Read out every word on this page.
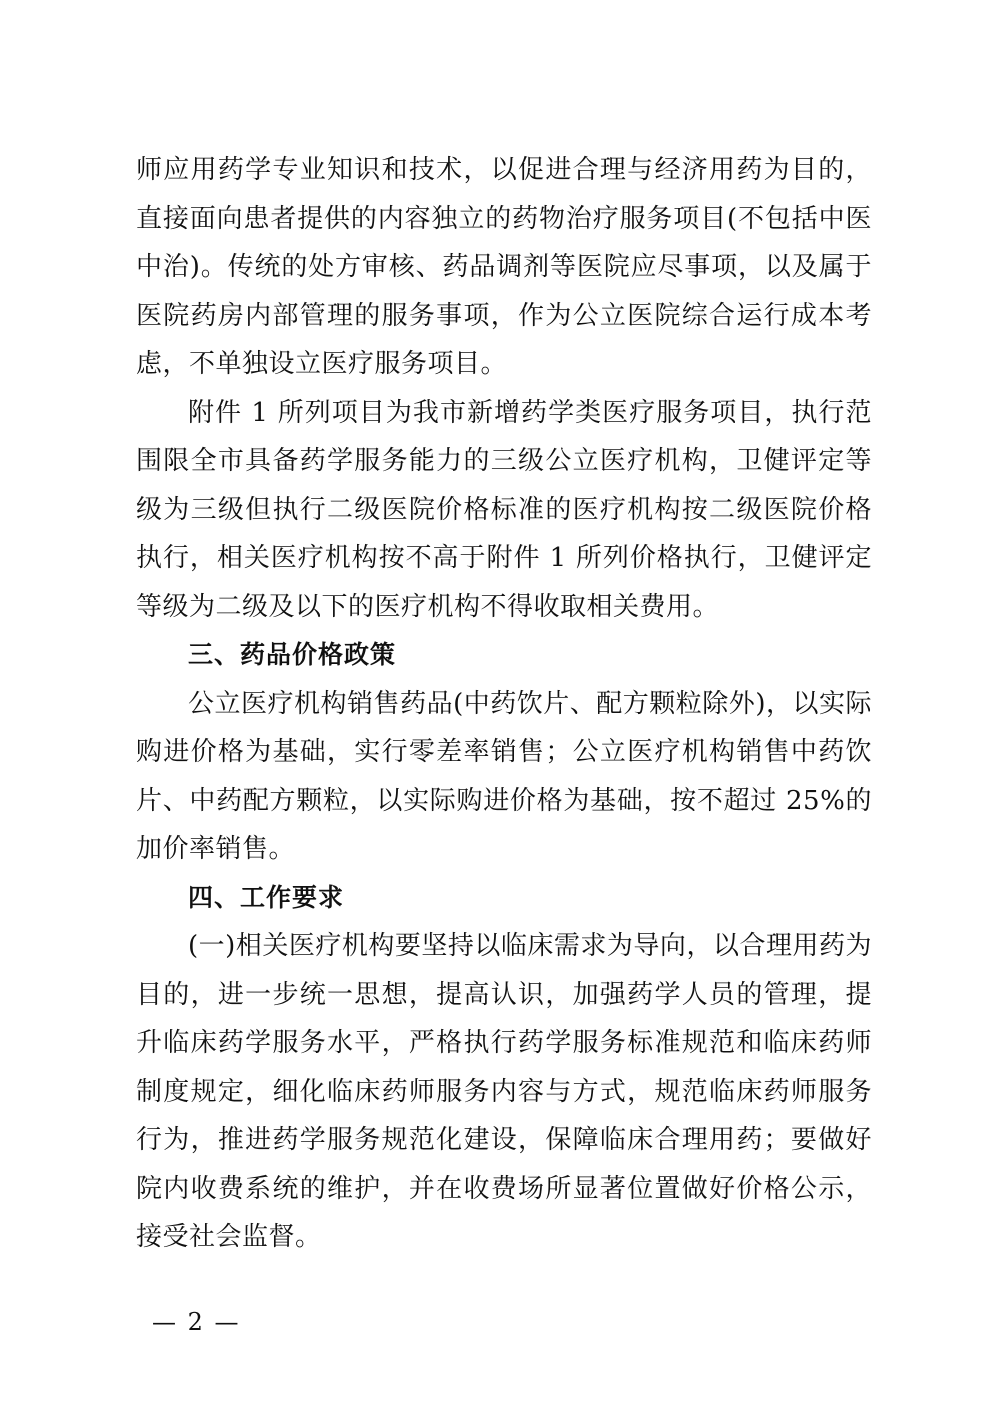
师应用药学专业知识和技术，以促进合理与经济用药为目的，直接面向患者提供的内容独立的药物治疗服务项目(不包括中医中治)。传统的处方审核、药品调剂等医院应尽事项，以及属于医院药房内部管理的服务事项，作为公立医院综合运行成本考虑，不单独设立医疗服务项目。

附件 1 所列项目为我市新增药学类医疗服务项目，执行范围限全市具备药学服务能力的三级公立医疗机构，卫健评定等级为三级但执行二级医院价格标准的医疗机构按二级医院价格执行，相关医疗机构按不高于附件 1 所列价格执行，卫健评定等级为二级及以下的医疗机构不得收取相关费用。

三、药品价格政策

公立医疗机构销售药品(中药饮片、配方颗粒除外)，以实际购进价格为基础，实行零差率销售；公立医疗机构销售中药饮片、中药配方颗粒，以实际购进价格为基础，按不超过 25%的加价率销售。

四、工作要求

(一)相关医疗机构要坚持以临床需求为导向，以合理用药为目的，进一步统一思想，提高认识，加强药学人员的管理，提升临床药学服务水平，严格执行药学服务标准规范和临床药师制度规定，细化临床药师服务内容与方式，规范临床药师服务行为，推进药学服务规范化建设，保障临床合理用药；要做好院内收费系统的维护，并在收费场所显著位置做好价格公示，接受社会监督。

— 2 —
